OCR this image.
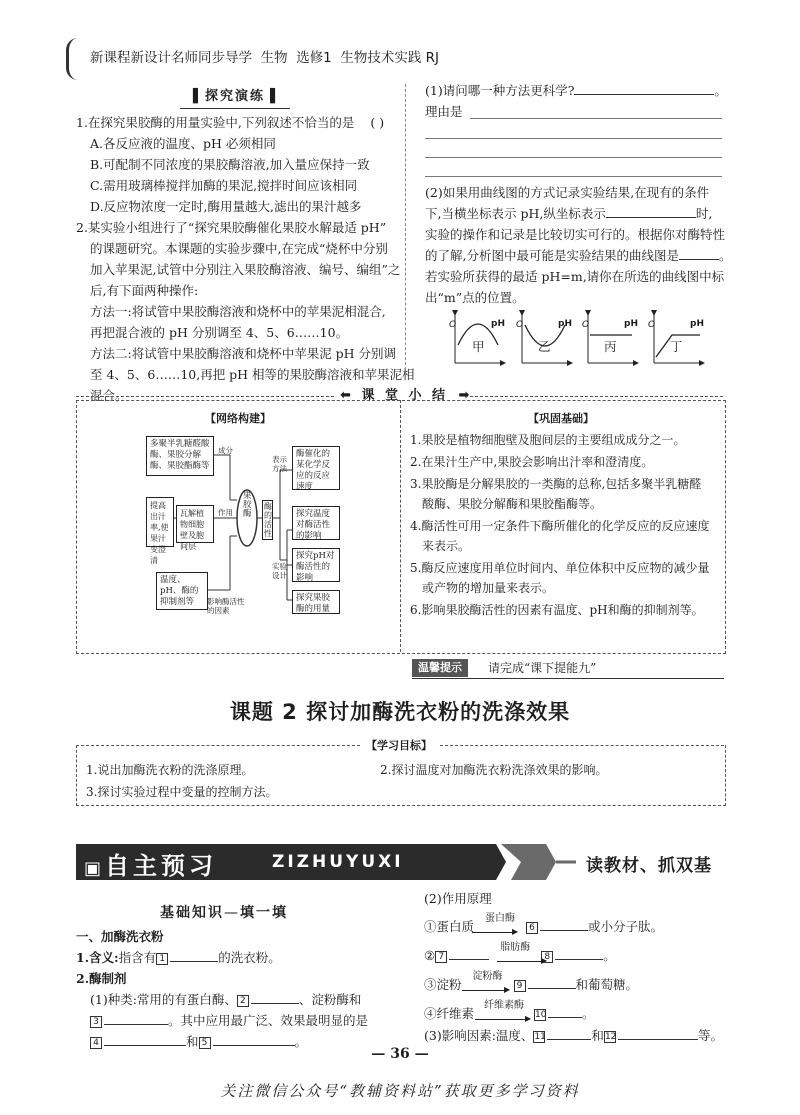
新课程新设计名师同步导学 生物 选修1 生物技术实践 RJ
▌探究演练▐
1.在探究果胶酶的用量实验中,下列叙述不恰当的是 ( )
A.各反应液的温度、pH 必须相同
B.可配制不同浓度的果胶酶溶液,加入量应保持一致
C.需用玻璃棒搅拌加酶的果泥,搅拌时间应该相同
D.反应物浓度一定时,酶用量越大,滤出的果汁越多
2.某实验小组进行了“探究果胶酶催化果胶水解最适 pH”
的课题研究。本课题的实验步骤中,在完成“烧杯中分别
加入苹果泥,试管中分别注入果胶酶溶液、编号、编组”之
后,有下面两种操作:
方法一:将试管中果胶酶溶液和烧杯中的苹果泥相混合,
再把混合液的 pH 分别调至 4、5、6……10。
方法二:将试管中果胶酶溶液和烧杯中苹果泥 pH 分别调
至 4、5、6……10,再把 pH 相等的果胶酶溶液和苹果泥相
混合。
(1)请问哪一种方法更科学?	。
理由是
(2)如果用曲线图的方式记录实验结果,在现有的条件
下,当横坐标表示 pH,纵坐标表示	时,
实验的操作和记录是比较切实可行的。根据你对酶特性
的了解,分析图中最可能是实验结果的曲线图是	。
若实验所获得的最适 pH=m,请你在所选的曲线图中标
出“m”点的位置。
O	O	O	O
pH	pH	pH	pH
甲	乙	丙	丁
⬅ 课 堂 小 结 ➡
【网络构建】	【巩固基础】
果胶酶
酶的活性
多聚半乳糖醛酸酶、果胶分解酶、果胶酯酶等
瓦解植物细胞壁及胞间层
提高出汁率,使果汁变澄清
温度、pH、酶的抑制剂等
酶催化的某化学反应的反应速度
探究温度对酶活性的影响
探究pH对酶活性的影响
探究果胶酶的用量
成分
作用
表示方法
实验设计
影响酶活性的因素
1.果胶是植物细胞壁及胞间层的主要组成成分之一。
2.在果汁生产中,果胶会影响出汁率和澄清度。
3.果胶酶是分解果胶的一类酶的总称,包括多聚半乳糖醛
酸酶、果胶分解酶和果胶酯酶等。
4.酶活性可用一定条件下酶所催化的化学反应的反应速度
来表示。
5.酶反应速度用单位时间内、单位体积中反应物的减少量
或产物的增加量来表示。
6.影响果胶酶活性的因素有温度、pH和酶的抑制剂等。
温馨提示	请完成“课下提能九”
课题 2 探讨加酶洗衣粉的洗涤效果
【学习目标】
1.说出加酶洗衣粉的洗涤原理。	2.探讨温度对加酶洗衣粉洗涤效果的影响。
3.探讨实验过程中变量的控制方法。
▣自主预习	ZIZHUYUXI	读教材、抓双基
基础知识—填一填
一、加酶洗衣粉
1.含义:指含有 1	的洗衣粉。
2.酶制剂
(1)种类:常用的有蛋白酶、 2	、淀粉酶和
3	。其中应用最广泛、效果最明显的是
4	和 5	。
(2)作用原理
①蛋白质蛋白酶6	或小分子肽。
▶
② 7脂肪酶8	。
▶
③淀粉淀粉酶9	和葡萄糖。
▶
④纤维素纤维素酶10	。
▶
(3)影响因素:温度、11	和12	等。
— 36 —
关注微信公众号“教辅资料站”获取更多学习资料
